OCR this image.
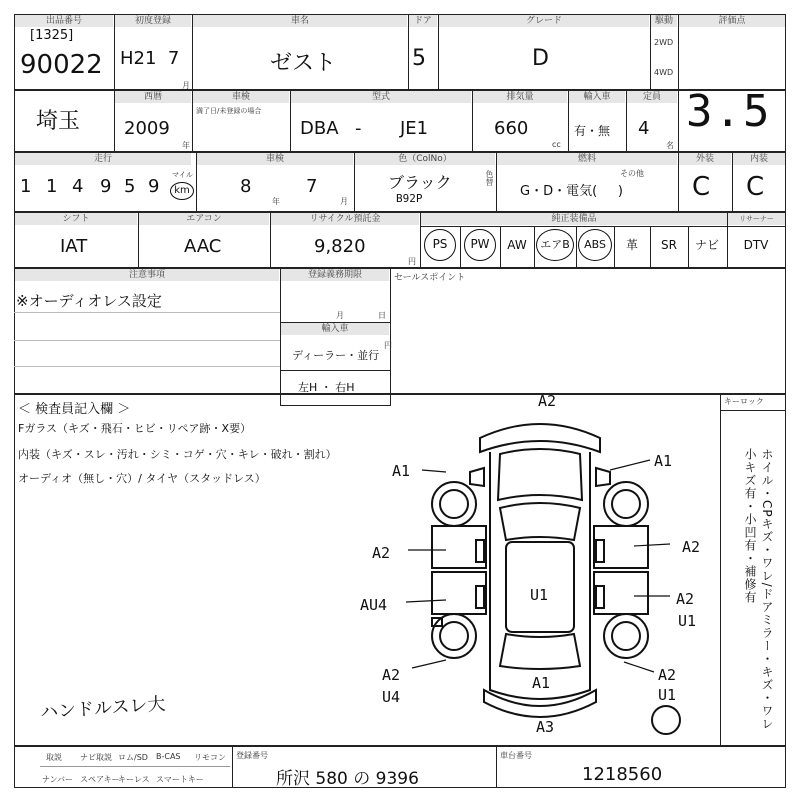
出品番号
[1325]
90022
初度登録
H21  7
月
車名
ゼスト
ドア
5
グレード
D
駆動
2WD
4WD
評価点
埼玉
西暦
2009
年
車検
満了日/未登録の場合
型式
DBA - JE1
排気量
660
cc
輸入車
有・無
定員
4
名
3.5
走行
1 1 4 9 5 9
マイル
km
車検
8
年
7
月
色（ColNo）
ブラック
B92P
色替
燃料
その他
G・D・電気(     )
外装
C
内装
C
シフト
IAT
エアコン
AAC
リサイクル預託金
9,820
円
純正装備品	リサーナー
PS	PW	AW	エアB	ABS	革	SR	ナビ	DTV
注意事項
※オーディオレス設定
登録義務期限
月	日
輸入車
ディーラー・並行
左H ・ 右H
セールスポイント
円
＜ 検査員記入欄 ＞
Fガラス（キズ・飛石・ヒビ・リペア跡・X要）
内装（キズ・スレ・汚れ・シミ・コゲ・穴・キレ・破れ・割れ）
オーディオ（無し・穴）/ タイヤ（スタッドレス）
ハンドルスレ大
キーロック
ホイル・CPキズ・ワレ/ドアミラー・キズ・ワレ 小キズ有・小凹有・補修有
A2
A1
A1
A2	A2
AU4
U1	A2
U1
A2
U4
A1	A2
U1
A3
取説 ナビ取説 ロム/SD B-CAS リモコン
ナンバー スペアキー
キーレス スマートキー
登録番号
所沢 580 の 9396
車台番号
1218560
